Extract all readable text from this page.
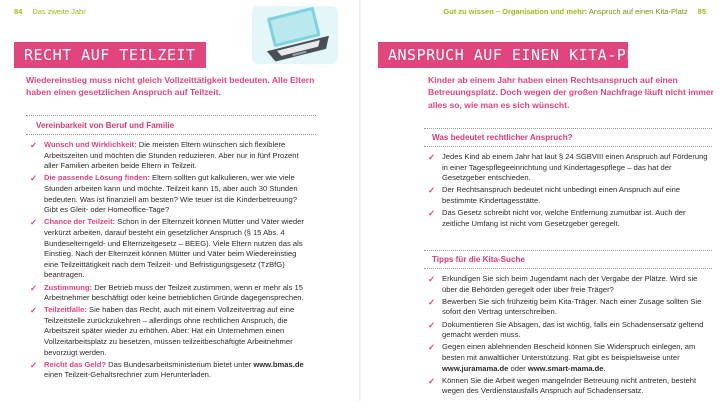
84 Das zweite Jahr
RECHT AUF TEILZEIT
Wiedereinstieg muss nicht gleich Vollzeittätigkeit bedeuten. Alle Eltern haben einen gesetzlichen Anspruch auf Teilzeit.
Vereinbarkeit von Beruf und Familie
✓ Wunsch und Wirklichkeit: Die meisten Eltern wünschen sich flexiblere Arbeitszeiten und möchten die Stunden reduzieren. Aber nur in fünf Prozent aller Familien arbeiten beide Eltern in Teilzeit.
✓ Die passende Lösung finden: Eltern sollten gut kalkulieren, wer wie viele Stunden arbeiten kann und möchte. Teilzeit kann 15, aber auch 30 Stunden bedeuten. Was ist finanziell am besten? Wie teuer ist die Kinderbetreuung? Gibt es Gleit- oder Homeoffice-Tage?
✓ Chance der Teilzeit: Schon in der Elternzeit können Mütter und Väter wieder verkürzt arbeiten, darauf besteht ein gesetzlicher Anspruch (§ 15 Abs. 4 Bundeselterngeld- und Elternzeitgesetz – BEEG). Viele Eltern nutzen das als Einstieg. Nach der Elternzeit können Mütter und Väter beim Wiedereinstieg eine Teilzeittätigkeit nach dem Teilzeit- und Befristigungsgesetz (TzBfG) beantragen.
✓ Zustimmung: Der Betrieb muss der Teilzeit zustimmen, wenn er mehr als 15 Arbeitnehmer beschäftigt oder keine betrieblichen Gründe dagegensprechen.
✓ Teilzeitfalle: Sie haben das Recht, auch mit einem Vollzeitvertrag auf eine Teilzeitstelle zurückzukehren – allerdings ohne rechtlichen Anspruch, die Arbeitszeit später wieder zu erhöhen. Aber: Hat ein Unternehmen einen Vollzeitarbeitsplatz zu besetzen, müssen teilzeitbeschäftigte Arbeitnehmer bevorzugt werden.
✓ Reicht das Geld? Das Bundesarbeitsministerium bietet unter www.bmas.de einen Teilzeit-Gehaltsrechner zum Herunterladen.
Gut zu wissen – Organisation und mehr: Anspruch auf einen Kita-Platz 85
ANSPRUCH AUF EINEN KITA-PLATZ
Kinder ab einem Jahr haben einen Rechtsanspruch auf einen Betreuungsplatz. Doch wegen der großen Nachfrage läuft nicht immer alles so, wie man es sich wünscht.
Was bedeutet rechtlicher Anspruch?
✓ Jedes Kind ab einem Jahr hat laut § 24 SGBVIII einen Anspruch auf Förderung in einer Tagespflegeeinrichtung und Kindertagespflege – das hat der Gesetzgeber entschieden.
✓ Der Rechtsanspruch bedeutet nicht unbedingt einen Anspruch auf eine bestimmte Kindertagesstätte.
✓ Das Gesetz schreibt nicht vor, welche Entfernung zumutbar ist. Auch der zeitliche Umfang ist nicht vom Gesetzgeber geregelt.
Tipps für die Kita-Suche
✓ Erkundigen Sie sich beim Jugendamt nach der Vergabe der Plätze. Wird sie über die Behörden geregelt oder über freie Träger?
✓ Bewerben Sie sich frühzeitig beim Kita-Träger. Nach einer Zusage sollten Sie sofort den Vertrag unterschreiben.
✓ Dokumentieren Sie Absagen, das ist wichtig, falls ein Schadensersatz geltend gemacht werden muss.
✓ Gegen einen ablehnenden Bescheid können Sie Widerspruch einlegen, am besten mit anwaltlicher Unterstützung. Rat gibt es beispielsweise unter www.juramama.de oder www.smart-mama.de.
✓ Können Sie die Arbeit wegen mangelnder Betreuung nicht antreten, besteht wegen des Verdienstausfalls Anspruch auf Schadensersatz.
